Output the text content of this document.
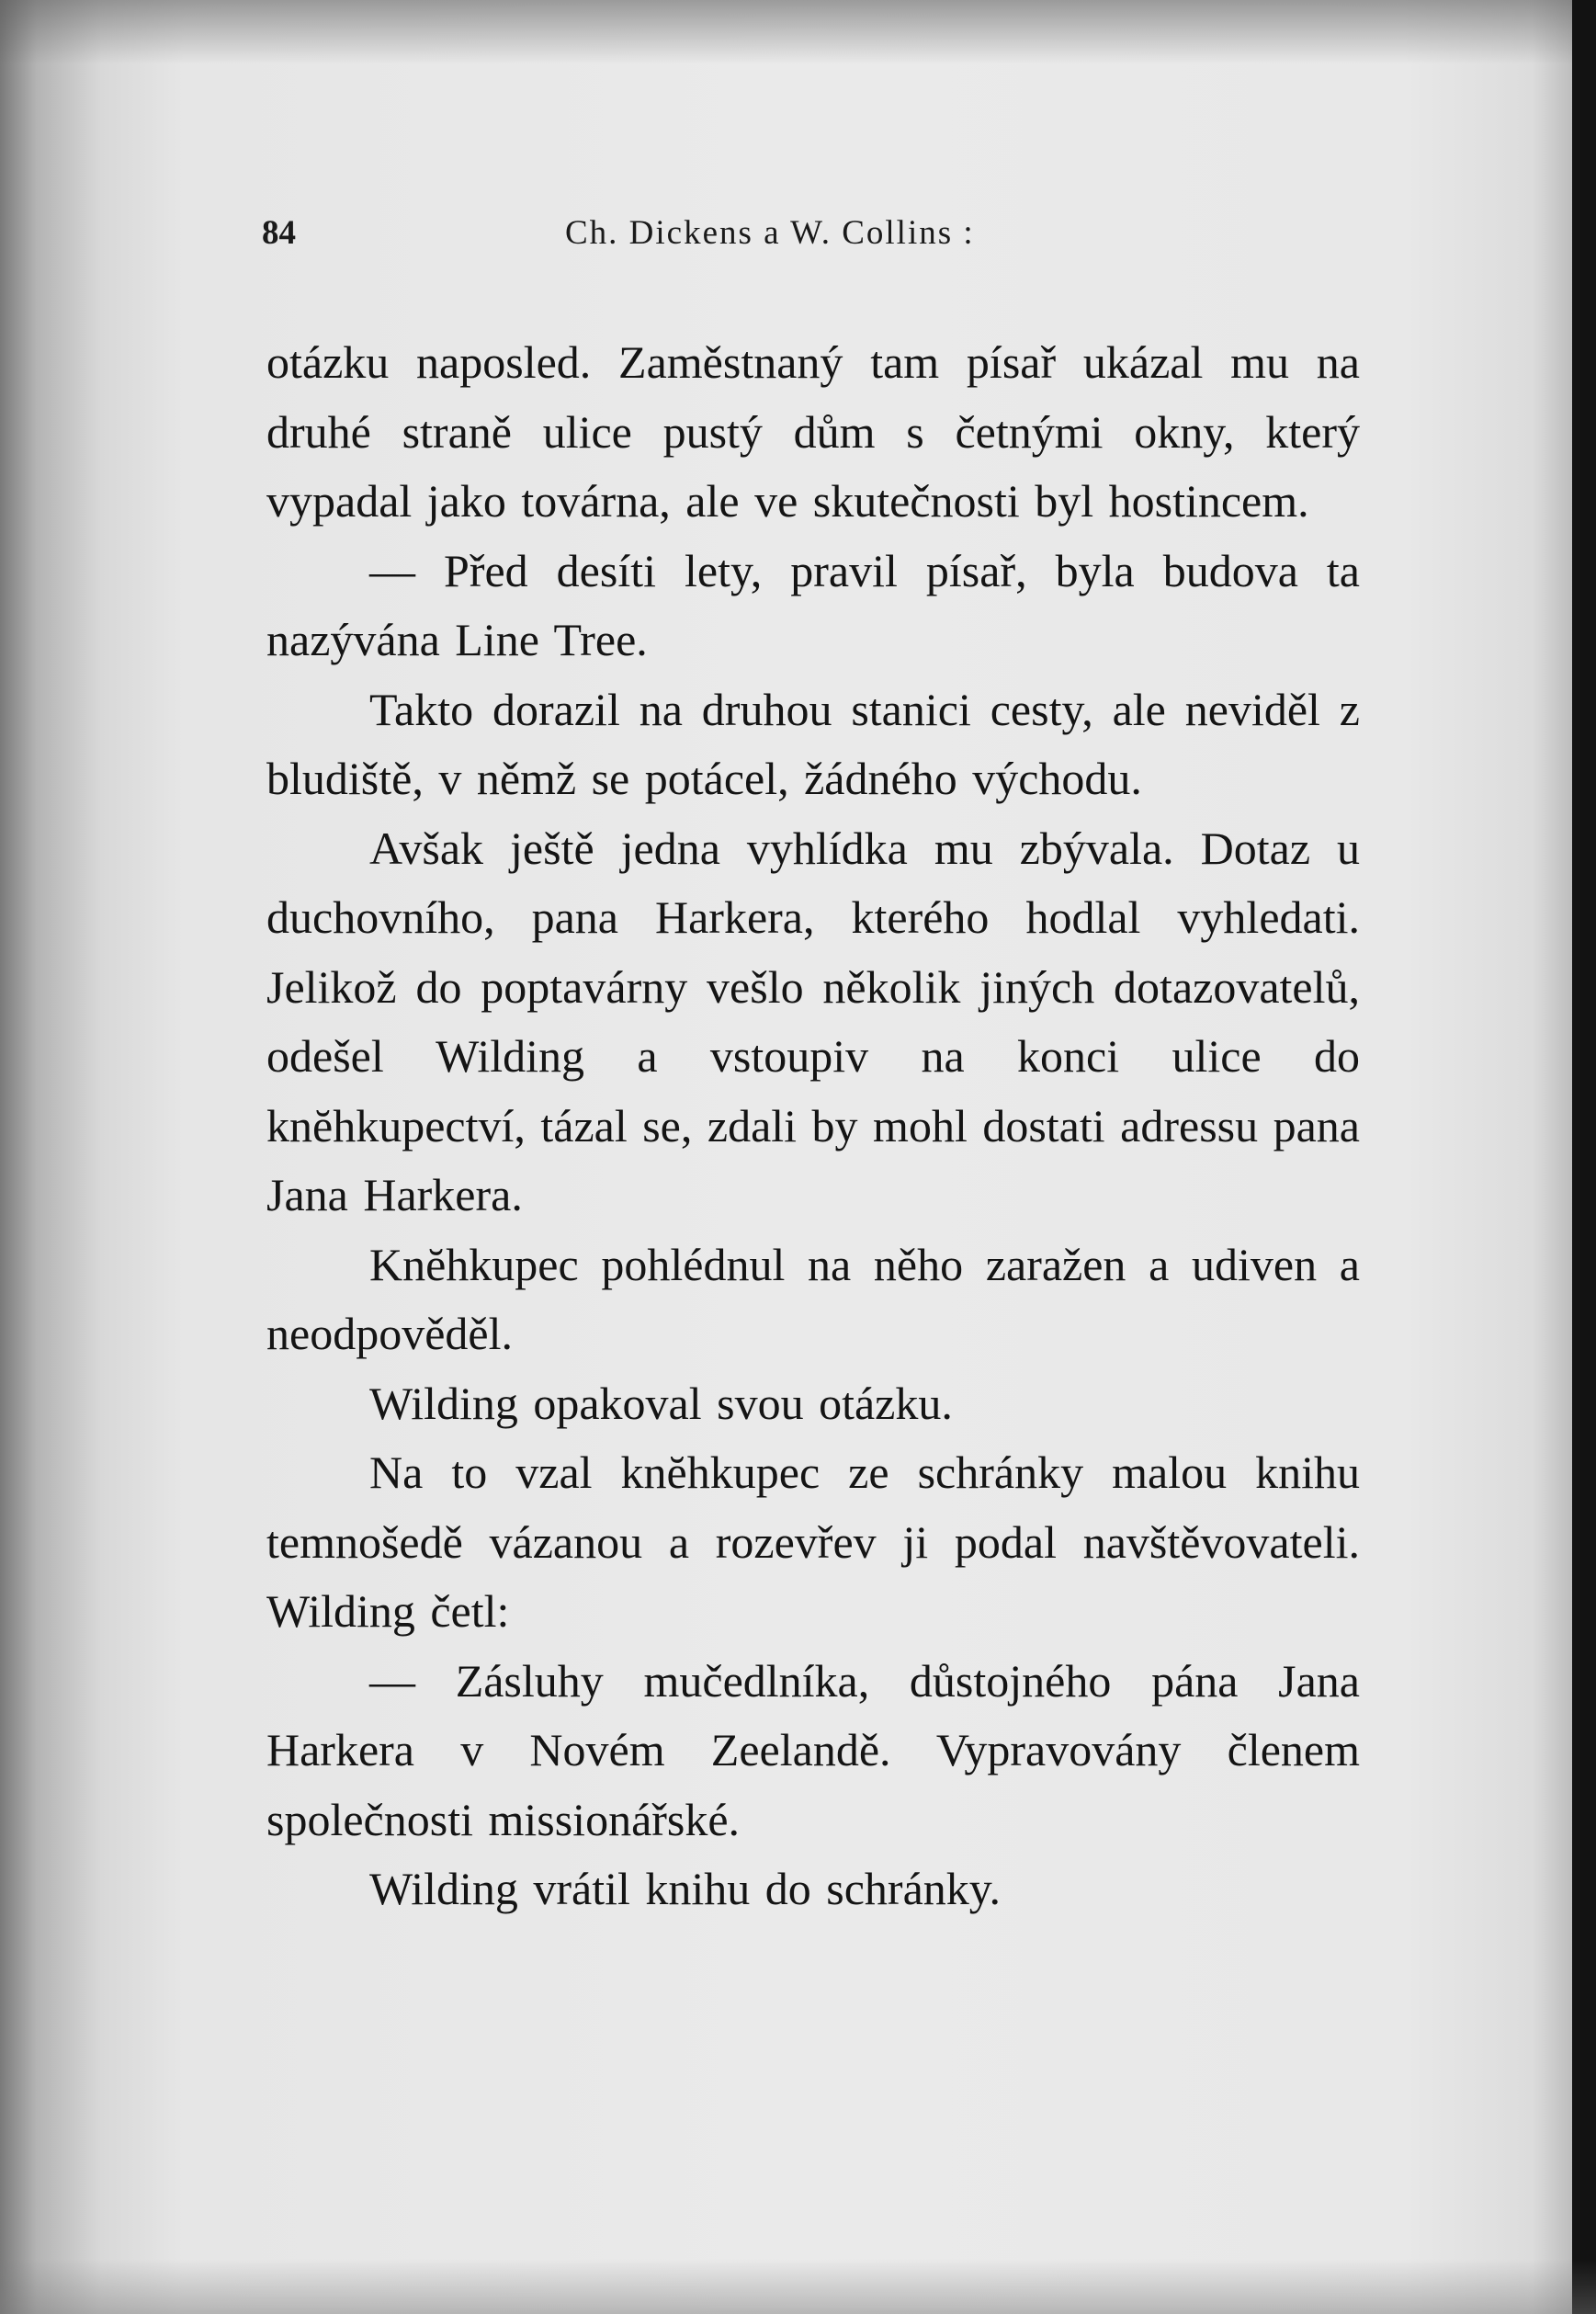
84	Ch. Dickens a W. Collins :

otázku naposled. Zaměstnaný tam písař ukázal mu na druhé straně ulice pustý dům s četnými okny, který vypadal jako továrna, ale ve skutečnosti byl hostincem.

— Před desíti lety, pravil písař, byla budova ta nazývána Line Tree.

Takto dorazil na druhou stanici cesty, ale neviděl z bludiště, v němž se potácel, žádného východu.

Avšak ještě jedna vyhlídka mu zbývala. Dotaz u duchovního, pana Harkera, kterého hodlal vyhledati. Jelikož do poptavárny vešlo několik jiných dotazovatelů, odešel Wilding a vstoupiv na konci ulice do knĕhkupectví, tázal se, zdali by mohl dostati adressu pana Jana Harkera.

Knĕhkupec pohlédnul na něho zaražen a udiven a neodpověděl.

Wilding opakoval svou otázku.

Na to vzal knĕhkupec ze schránky malou knihu temnošedě vázanou a rozevřev ji podal navštěvovateli. Wilding četl:

— Zásluhy mučedlníka, důstojného pána Jana Harkera v Novém Zeelandě. Vypravovány členem společnosti missionářské.

Wilding vrátil knihu do schránky.
